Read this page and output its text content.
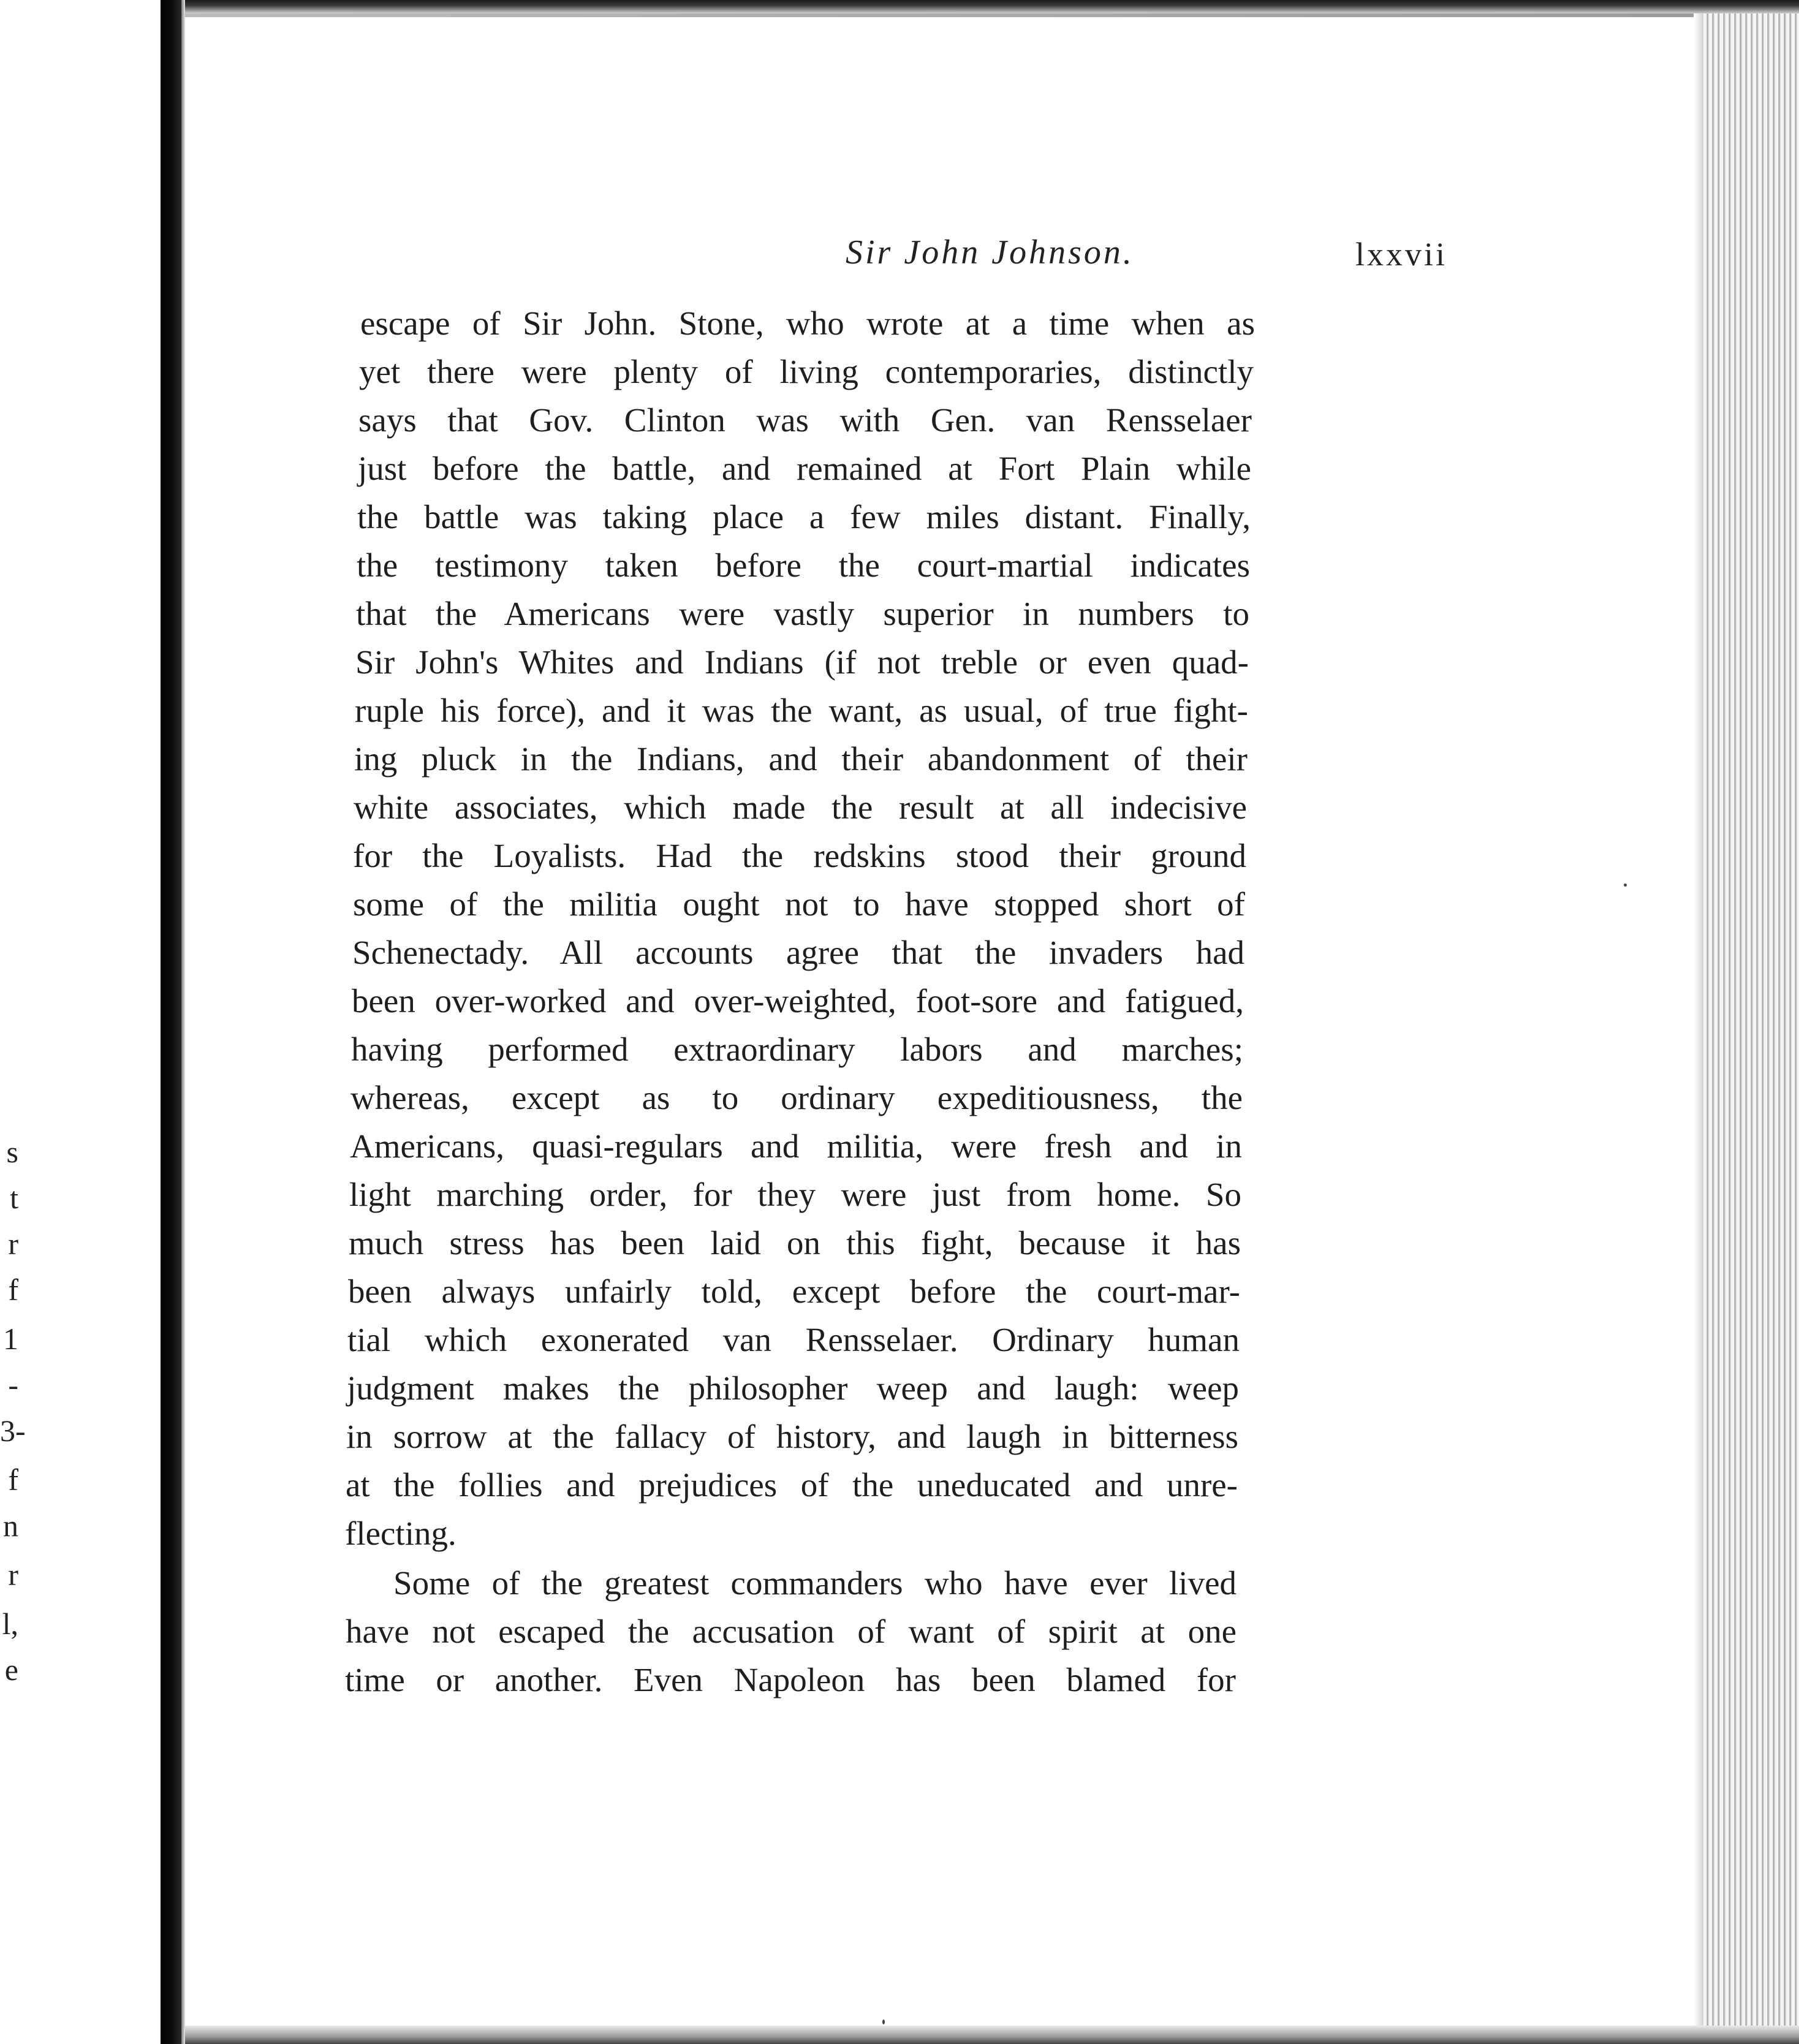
s
t
r
f
1
-
3-
f
n
r
l,
e
Sir John Johnson.	lxxvii
escape of Sir John. Stone, who wrote at a time when as
yet there were plenty of living contemporaries, distinctly
says that Gov. Clinton was with Gen. van Rensselaer
just before the battle, and remained at Fort Plain while
the battle was taking place a few miles distant. Finally,
the testimony taken before the court-martial indicates
that the Americans were vastly superior in numbers to
Sir John's Whites and Indians (if not treble or even quad-
ruple his force), and it was the want, as usual, of true fight-
ing pluck in the Indians, and their abandonment of their
white associates, which made the result at all indecisive
for the Loyalists. Had the redskins stood their ground
some of the militia ought not to have stopped short of
Schenectady. All accounts agree that the invaders had
been over-worked and over-weighted, foot-sore and fatigued,
having performed extraordinary labors and marches;
whereas, except as to ordinary expeditiousness, the
Americans, quasi-regulars and militia, were fresh and in
light marching order, for they were just from home. So
much stress has been laid on this fight, because it has
been always unfairly told, except before the court-mar-
tial which exonerated van Rensselaer. Ordinary human
judgment makes the philosopher weep and laugh: weep
in sorrow at the fallacy of history, and laugh in bitterness
at the follies and prejudices of the uneducated and unre-
flecting.
Some of the greatest commanders who have ever lived
have not escaped the accusation of want of spirit at one
time or another. Even Napoleon has been blamed for
